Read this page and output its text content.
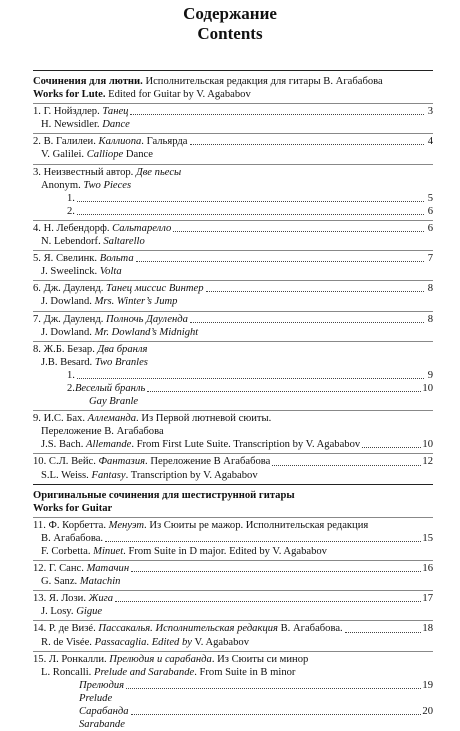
Содержание
Contents
Сочинения для лютни. Исполнительская редакция для гитары В. Агабабова
Works for Lute. Edited for Guitar by V. Agababov
1. Г. Нойздлер. Танец	3
H. Newsidler. Dance
2. В. Галилеи. Каллиопа. Гальярда	4
V. Galilei. Calliope Dance
3. Неизвестный автор. Две пьесы
Anonym. Two Pieces
1.	5
2.	6
4. Н. Лебендорф. Сальтарелло	6
N. Lebendorf. Saltarello
5. Я. Свелинк. Вольта	7
J. Sweelinck. Volta
6. Дж. Дауленд. Танец миссис Винтер	8
J. Dowland. Mrs. Winter’s Jump
7. Дж. Дауленд. Полночь Дауленда	8
J. Dowland. Mr. Dowland’s Midnight
8. Ж.Б. Безар. Два бранля
J.B. Besard. Two Branles
1.	9
2.Веселый бранль	10
Gay Branle
9. И.С. Бах. Аллеманда. Из Первой лютневой сюиты.
Переложение В. Агабабова
J.S. Bach. Allemande. From First Lute Suite. Transcription by V. Agababov	10
10. С.Л. Вейс. Фантазия. Переложение В Агабабова	12
S.L. Weiss. Fantasy. Transcription by V. Agababov
Оригинальные сочинения для шестиструнной гитары
Works for Guitar
11. Ф. Корбетта. Менуэт. Из Сюиты ре мажор. Исполнительская редакция
В. Агабабова.	15
F. Corbetta. Minuet. From Suite in D major. Edited by V. Agababov
12. Г. Санс. Матачин	16
G. Sanz. Matachin
13. Я. Лози. Жига	17
J. Losy. Gigue
14. Р. де Визé. Пассакалья. Исполнительская редакция В. Агабабова.	18
R. de Visée. Passacaglia. Edited by V. Agababov
15. Л. Ронкалли. Прелюдия и сарабанда. Из Сюиты си минор
L. Roncalli. Prelude and Sarabande. From Suite in B minor
Прелюдия	19
Prelude
Сарабанда	20
Sarabande
